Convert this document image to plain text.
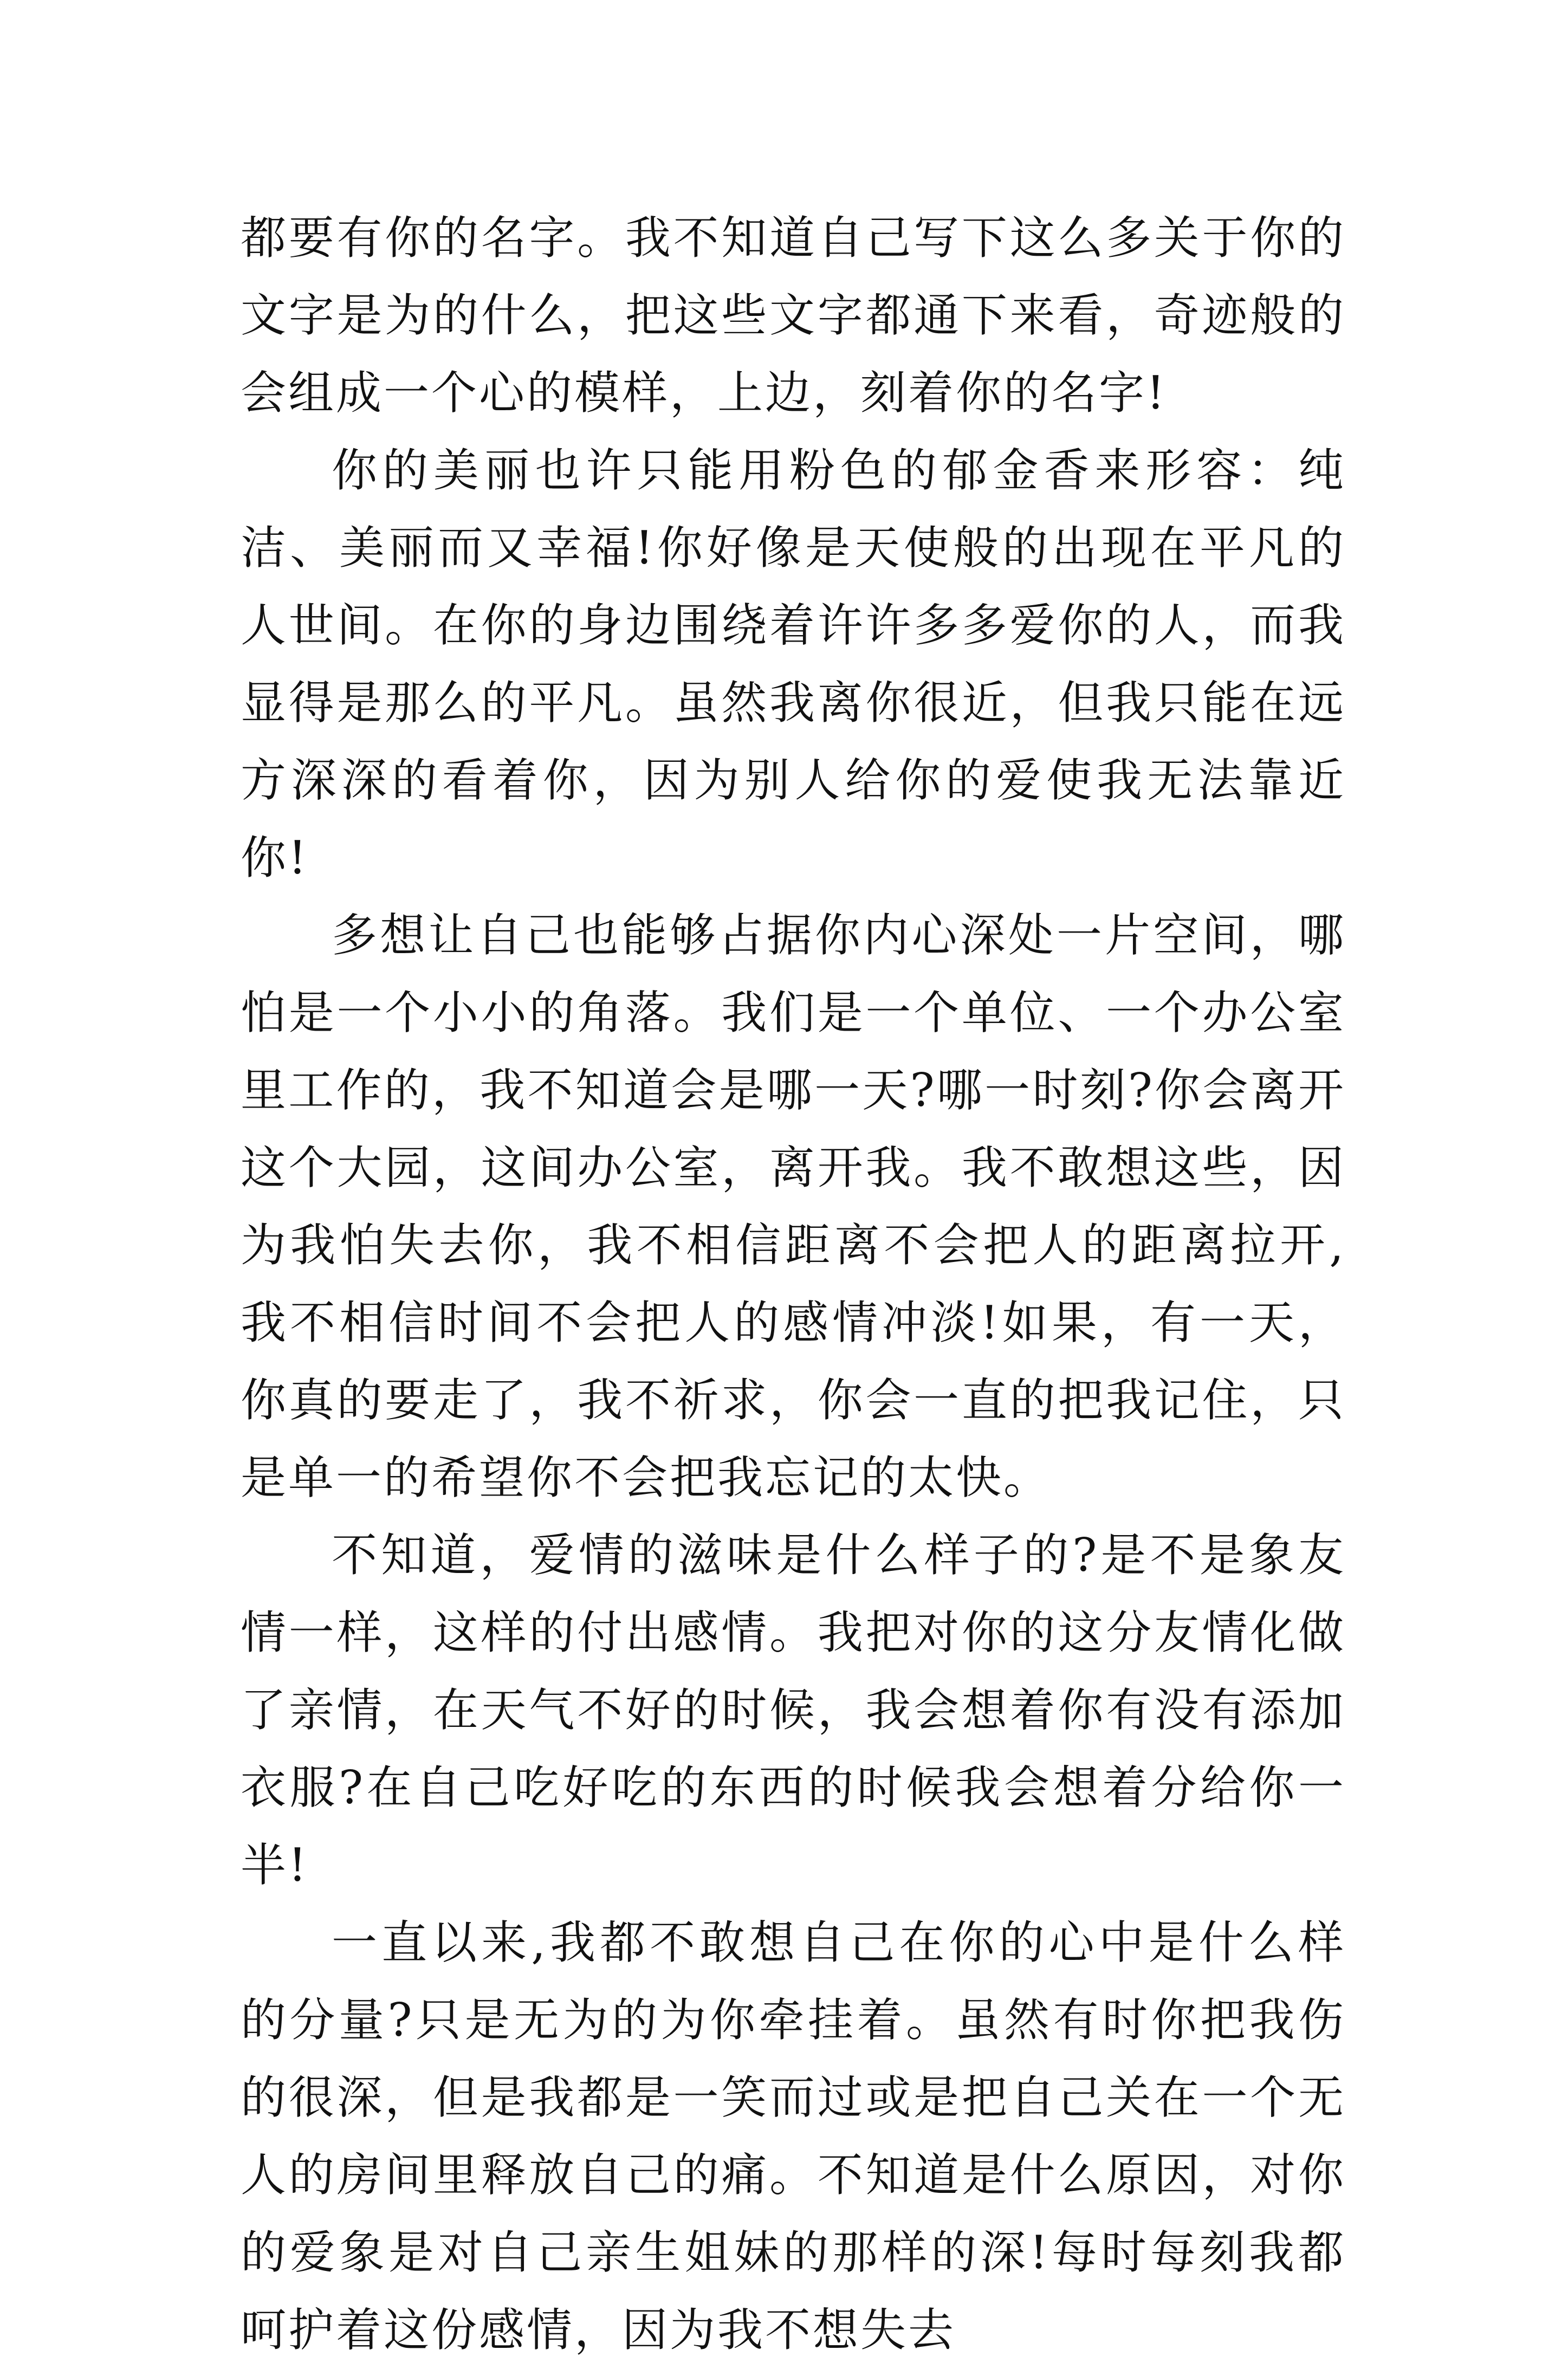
都要有你的名字。我不知道自己写下这么多关于你的文字是为的什么，把这些文字都通下来看，奇迹般的会组成一个心的模样，上边，刻着你的名字!

你的美丽也许只能用粉色的郁金香来形容：纯洁、美丽而又幸福!你好像是天使般的出现在平凡的人世间。在你的身边围绕着许许多多爱你的人，而我显得是那么的平凡。虽然我离你很近，但我只能在远方深深的看着你，因为别人给你的爱使我无法靠近你!

多想让自己也能够占据你内心深处一片空间，哪怕是一个小小的角落。我们是一个单位、一个办公室里工作的，我不知道会是哪一天?哪一时刻?你会离开这个大园，这间办公室，离开我。我不敢想这些，因为我怕失去你，我不相信距离不会把人的距离拉开,我不相信时间不会把人的感情冲淡!如果，有一天，你真的要走了，我不祈求，你会一直的把我记住，只是单一的希望你不会把我忘记的太快。

不知道，爱情的滋味是什么样子的?是不是象友情一样，这样的付出感情。我把对你的这分友情化做了亲情，在天气不好的时候，我会想着你有没有添加衣服?在自己吃好吃的东西的时候我会想着分给你一半!

一直以来,我都不敢想自己在你的心中是什么样的分量?只是无为的为你牵挂着。虽然有时你把我伤的很深，但是我都是一笑而过或是把自己关在一个无人的房间里释放自己的痛。不知道是什么原因，对你的爱象是对自己亲生姐妹的那样的深!每时每刻我都呵护着这份感情，因为我不想失去
